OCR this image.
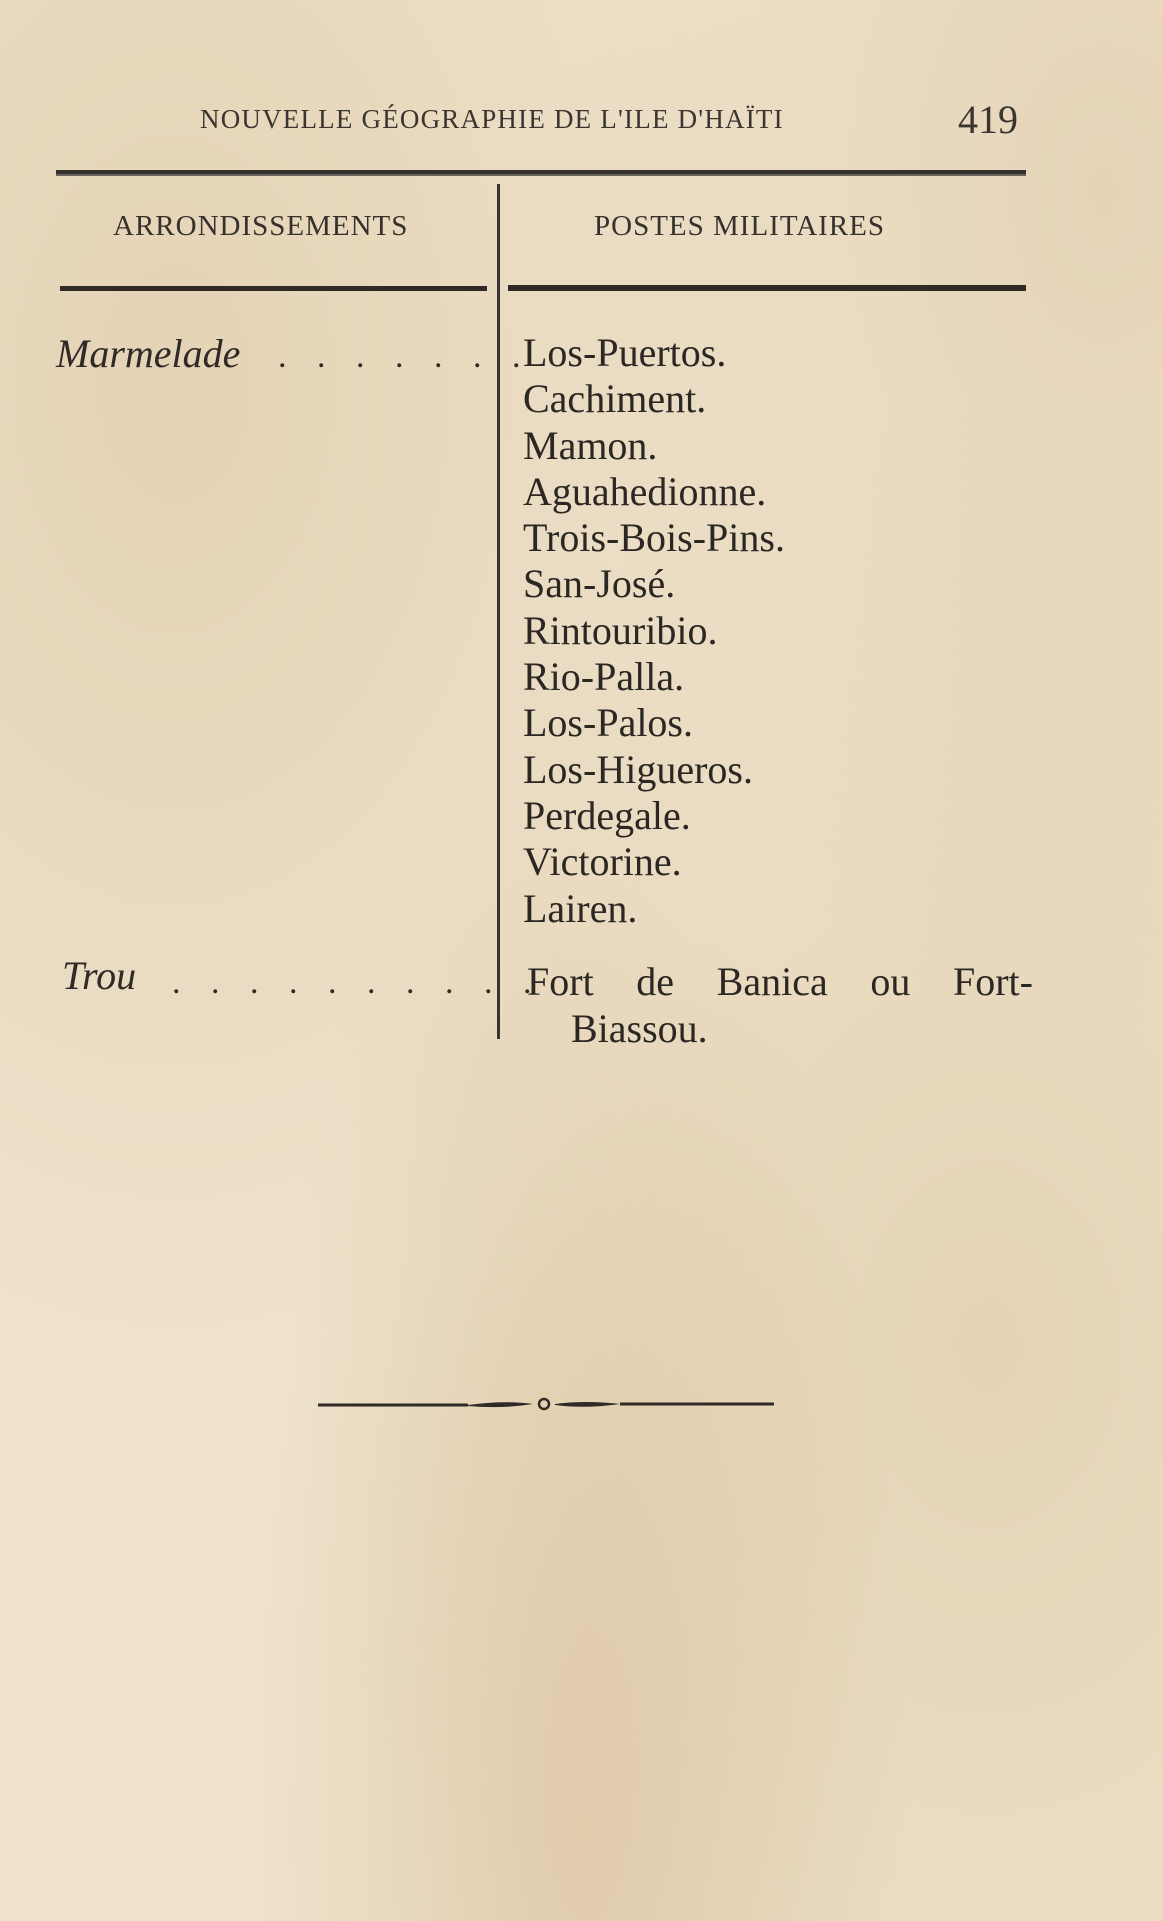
NOUVELLE GÉOGRAPHIE DE L'ILE D'HAÏTI	419
ARRONDISSEMENTS	POSTES MILITAIRES
Marmelade . . . . . . .
Los-Puertos.
Cachiment.
Mamon.
Aguahedionne.
Trois-Bois-Pins.
San-José.
Rintouribio.
Rio-Palla.
Los-Palos.
Los-Higueros.
Perdegale.
Victorine.
Lairen.
Trou . . . . . . . . . .
Fort de Banica ou Fort-
Biassou.
